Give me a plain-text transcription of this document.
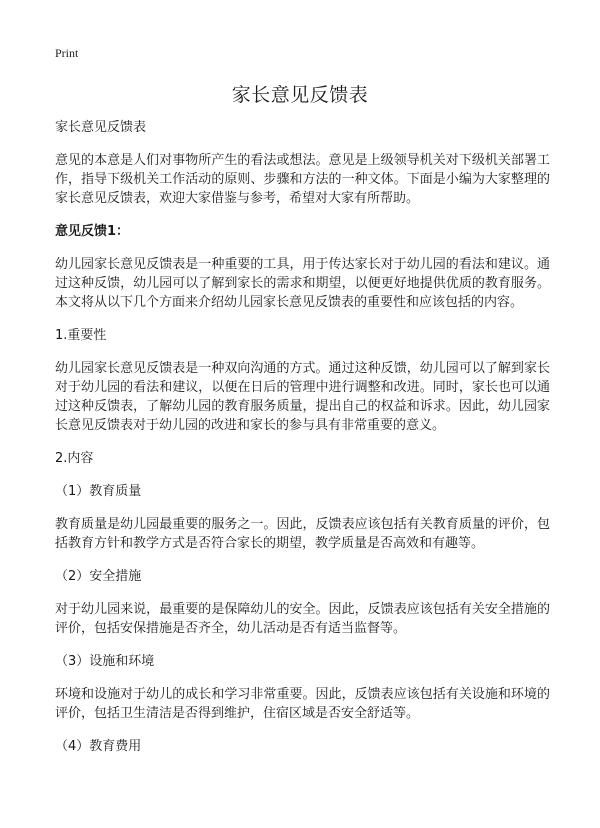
Print
家长意见反馈表

家长意见反馈表

意见的本意是人们对事物所产生的看法或想法。意见是上级领导机关对下级机关部署工作，指导下级机关工作活动的原则、步骤和方法的一种文体。下面是小编为大家整理的家长意见反馈表，欢迎大家借鉴与参考，希望对大家有所帮助。

意见反馈1：

幼儿园家长意见反馈表是一种重要的工具，用于传达家长对于幼儿园的看法和建议。通过这种反馈，幼儿园可以了解到家长的需求和期望，以便更好地提供优质的教育服务。本文将从以下几个方面来介绍幼儿园家长意见反馈表的重要性和应该包括的内容。

1.重要性

幼儿园家长意见反馈表是一种双向沟通的方式。通过这种反馈，幼儿园可以了解到家长对于幼儿园的看法和建议，以便在日后的管理中进行调整和改进。同时，家长也可以通过这种反馈表，了解幼儿园的教育服务质量，提出自己的权益和诉求。因此，幼儿园家长意见反馈表对于幼儿园的改进和家长的参与具有非常重要的意义。

2.内容

（1）教育质量

教育质量是幼儿园最重要的服务之一。因此，反馈表应该包括有关教育质量的评价，包括教育方针和教学方式是否符合家长的期望，教学质量是否高效和有趣等。

（2）安全措施

对于幼儿园来说，最重要的是保障幼儿的安全。因此，反馈表应该包括有关安全措施的评价，包括安保措施是否齐全，幼儿活动是否有适当监督等。

（3）设施和环境

环境和设施对于幼儿的成长和学习非常重要。因此，反馈表应该包括有关设施和环境的评价，包括卫生清洁是否得到维护，住宿区域是否安全舒适等。

（4）教育费用
